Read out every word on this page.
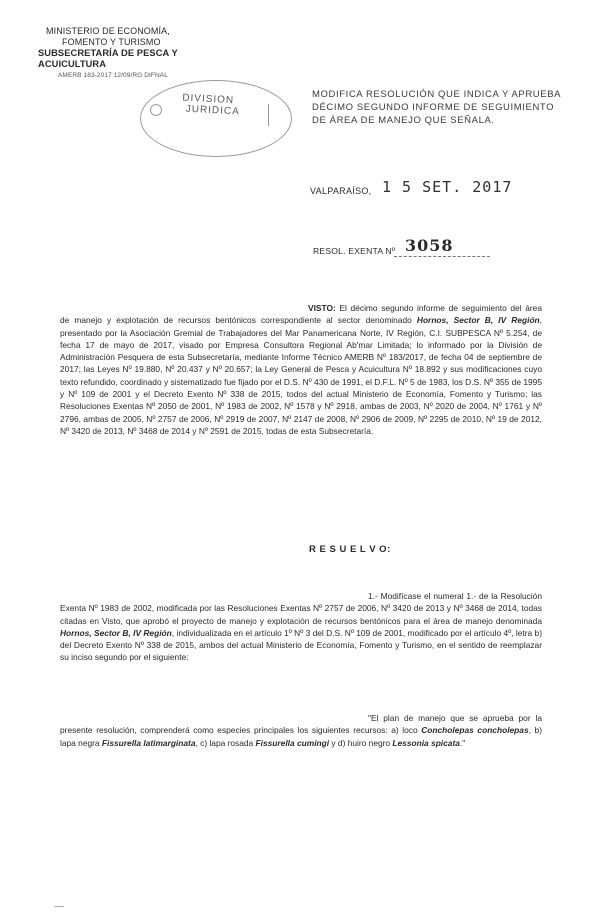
MINISTERIO DE ECONOMÍA,
FOMENTO Y TURISMO
SUBSECRETARÍA DE PESCA Y ACUICULTURA
AMERB 183-2017 12/09/RG DIFNAL
DIVISION
JURIDICA
MODIFICA RESOLUCIÓN QUE INDICA Y APRUEBA
DÉCIMO SEGUNDO INFORME DE SEGUIMIENTO
DE ÁREA DE MANEJO QUE SEÑALA.
VALPARAÍSO, 1 5 SET. 2017
RESOL. EXENTA Nº 3058
VISTO: El décimo segundo informe de seguimiento del área de manejo y explotación de recursos bentónicos correspondiente al sector denominado Hornos, Sector B, IV Región, presentado por la Asociación Gremial de Trabajadores del Mar Panamericana Norte, IV Región, C.I. SUBPESCA Nº 5.254, de fecha 17 de mayo de 2017, visado por Empresa Consultora Regional Ab'mar Limitada; lo informado por la División de Administración Pesquera de esta Subsecretaría, mediante Informe Técnico AMERB Nº 183/2017, de fecha 04 de septiembre de 2017; las Leyes Nº 19.880, Nº 20.437 y Nº 20.657; la Ley General de Pesca y Acuicultura Nº 18.892 y sus modificaciones cuyo texto refundido, coordinado y sistematizado fue fijado por el D.S. Nº 430 de 1991, el D.F.L. Nº 5 de 1983, los D.S. Nº 355 de 1995 y Nº 109 de 2001 y el Decreto Exento Nº 338 de 2015, todos del actual Ministerio de Economía, Fomento y Turismo; las Resoluciones Exentas Nº 2050 de 2001, Nº 1983 de 2002, Nº 1578 y Nº 2918, ambas de 2003, Nº 2020 de 2004, Nº 1761 y Nº 2796, ambas de 2005, Nº 2757 de 2006, Nº 2919 de 2007, Nº 2147 de 2008, Nº 2906 de 2009, Nº 2295 de 2010, Nº 19 de 2012, Nº 3420 de 2013, Nº 3468 de 2014 y Nº 2591 de 2015, todas de esta Subsecretaría.
R E S U E L V O:
1.- Modifícase el numeral 1.- de la Resolución Exenta Nº 1983 de 2002, modificada por las Resoluciones Exentas Nº 2757 de 2006, Nº 3420 de 2013 y Nº 3468 de 2014, todas citadas en Visto, que aprobó el proyecto de manejo y explotación de recursos bentónicos para el área de manejo denominada Hornos, Sector B, IV Región, individualizada en el artículo 1º Nº 3 del D.S. Nº 109 de 2001, modificado por el artículo 4º, letra b) del Decreto Exento Nº 338 de 2015, ambos del actual Ministerio de Economía, Fomento y Turismo, en el sentido de reemplazar su inciso segundo por el siguiente:
"El plan de manejo que se aprueba por la presente resolución, comprenderá como especies principales los siguientes recursos: a) loco Concholepas concholepas, b) lapa negra Fissurella latimarginata, c) lapa rosada Fissurella cumingi y d) huiro negro Lessonia spicata."
